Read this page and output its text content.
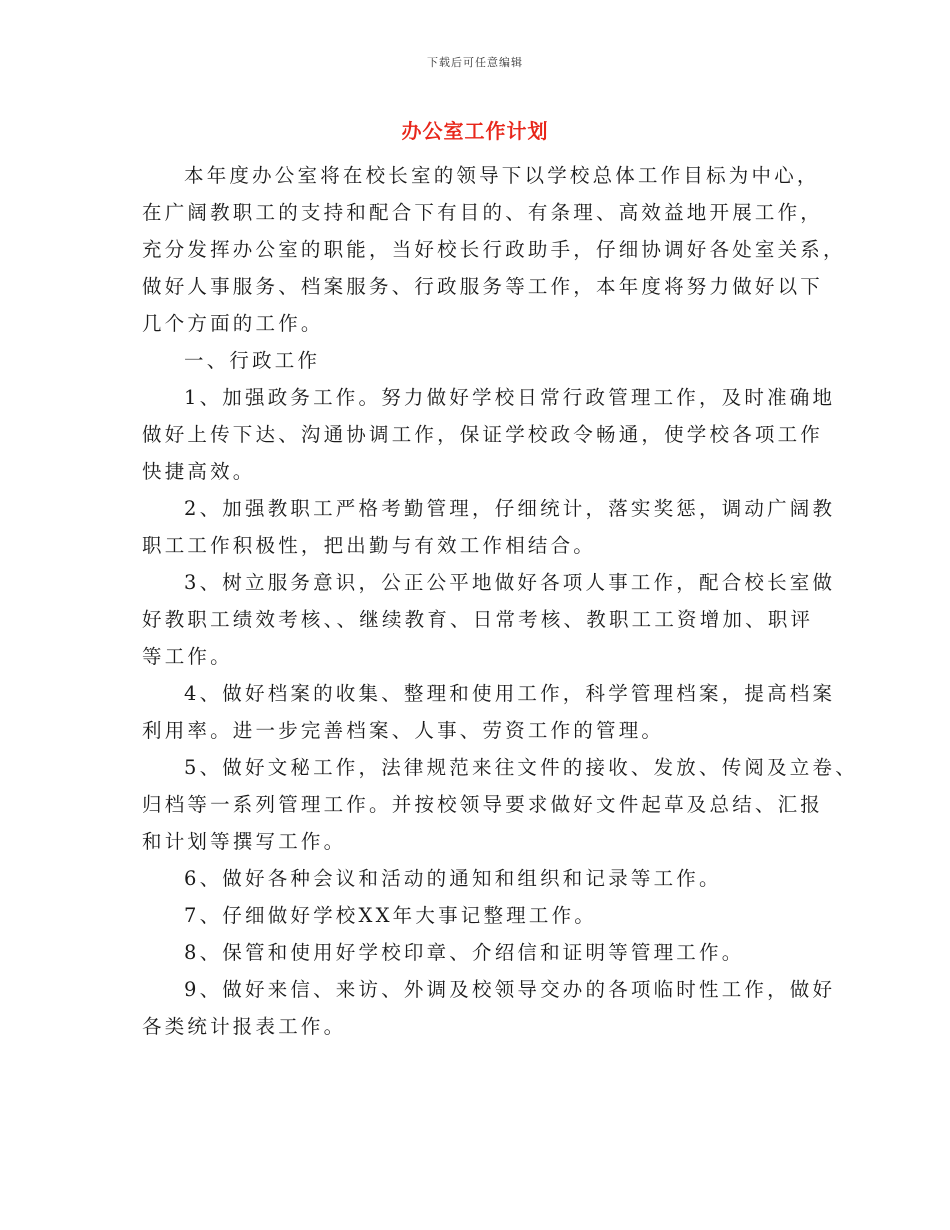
下载后可任意编辑
办公室工作计划
本年度办公室将在校长室的领导下以学校总体工作目标为中心，
在广阔教职工的支持和配合下有目的、有条理、高效益地开展工作，
充分发挥办公室的职能，当好校长行政助手，仔细协调好各处室关系，
做好人事服务、档案服务、行政服务等工作，本年度将努力做好以下
几个方面的工作。
一、行政工作
1、加强政务工作。努力做好学校日常行政管理工作，及时准确地
做好上传下达、沟通协调工作，保证学校政令畅通，使学校各项工作
快捷高效。
2、加强教职工严格考勤管理，仔细统计，落实奖惩，调动广阔教
职工工作积极性，把出勤与有效工作相结合。
3、树立服务意识，公正公平地做好各项人事工作，配合校长室做
好教职工绩效考核、、继续教育、日常考核、教职工工资增加、职评
等工作。
4、做好档案的收集、整理和使用工作，科学管理档案，提高档案
利用率。进一步完善档案、人事、劳资工作的管理。
5、做好文秘工作，法律规范来往文件的接收、发放、传阅及立卷、
归档等一系列管理工作。并按校领导要求做好文件起草及总结、汇报
和计划等撰写工作。
6、做好各种会议和活动的通知和组织和记录等工作。
7、仔细做好学校XX年大事记整理工作。
8、保管和使用好学校印章、介绍信和证明等管理工作。
9、做好来信、来访、外调及校领导交办的各项临时性工作，做好
各类统计报表工作。
